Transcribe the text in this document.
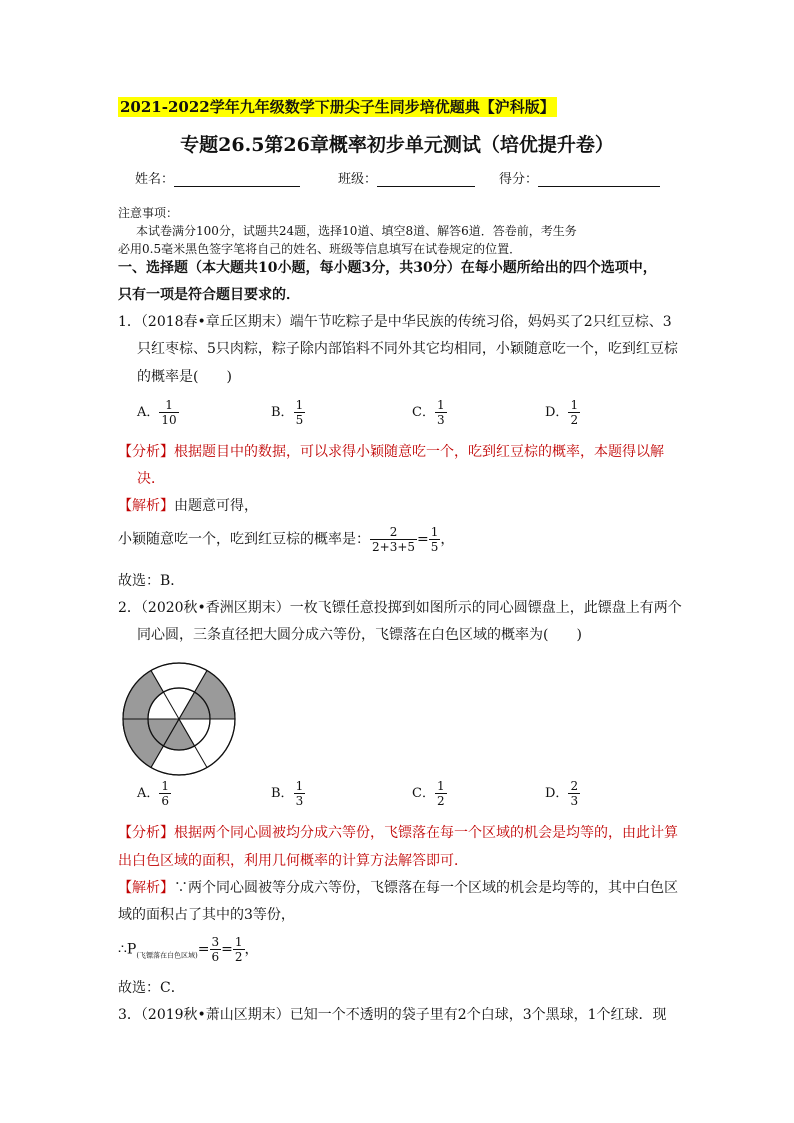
2021-2022学年九年级数学下册尖子生同步培优题典【沪科版】
专题26.5第26章概率初步单元测试（培优提升卷）
姓名：	班级：	得分：
注意事项：
本试卷满分100分，试题共24题，选择10道、填空8道、解答6道．答卷前，考生务
必用0.5毫米黑色签字笔将自己的姓名、班级等信息填写在试卷规定的位置．
一、选择题（本大题共10小题，每小题3分，共30分）在每小题所给出的四个选项中，
只有一项是符合题目要求的．
1．（2018春•章丘区期末）端午节吃粽子是中华民族的传统习俗，妈妈买了2只红豆棕、3
只红枣棕、5只肉粽，粽子除内部馅料不同外其它均相同，小颖随意吃一个，吃到红豆棕
的概率是(　　)
A． $\frac{1}{10}$	B． $\frac{1}{5}$	C． $\frac{1}{3}$	D． $\frac{1}{2}$
【分析】根据题目中的数据，可以求得小颖随意吃一个，吃到红豆棕的概率，本题得以解
决．
【解析】由题意可得，
小颖随意吃一个，吃到红豆棕的概率是： $\frac{2}{2+3+5} = \frac{1}{5}$ ，
故选：B．
2．（2020秋•香洲区期末）一枚飞镖任意投掷到如图所示的同心圆镖盘上，此镖盘上有两个
同心圆，三条直径把大圆分成六等份，飞镖落在白色区域的概率为(　　)
A． $\frac{1}{6}$	B． $\frac{1}{3}$	C． $\frac{1}{2}$	D． $\frac{2}{3}$
【分析】根据两个同心圆被均分成六等份，飞镖落在每一个区域的机会是均等的，由此计算
出白色区域的面积，利用几何概率的计算方法解答即可．
【解析】∵两个同心圆被等分成六等份，飞镖落在每一个区域的机会是均等的，其中白色区
域的面积占了其中的3等份，
$\therefore P_{(飞镖落在白色区域)}= \frac{3}{6} = \frac{1}{2}$ ，
故选：C．
3．（2019秋•萧山区期末）已知一个不透明的袋子里有2个白球，3个黑球，1个红球．现
